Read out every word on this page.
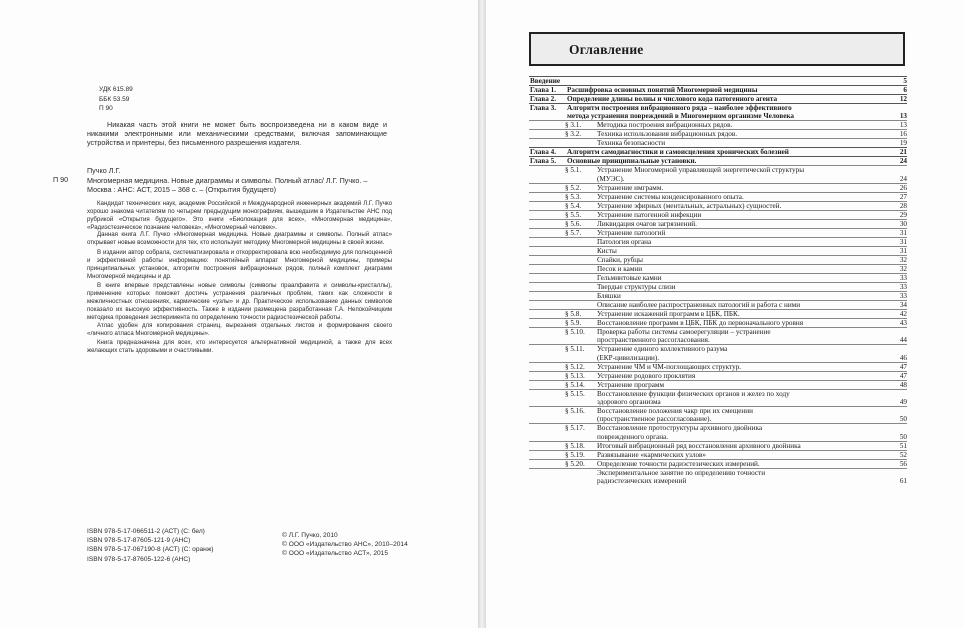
УДК 615.89
ББК 53.59
П 90
Никакая часть этой книги не может быть воспроизведена ни в каком виде и никакими электронными или механическими средствами, включая запоминающие устройства и принтеры, без письменного разрешения издателя.
Пучко Л.Г.
П 90	Многомерная медицина. Новые диаграммы и символы. Полный атлас/ Л.Г. Пучко. – Москва : АНС: АСТ, 2015 – 368 с. – (Открытия будущего)

Кандидат технических наук, академик Российской и Международной инженерных академий Л.Г. Пучко хорошо знакома читателям по четырем предыдущим монографиям, вышедшим в Издательстве АНС под рубрикой «Открытия будущего». Это книги «Биолокация для всех», «Многомерная медицина», «Радиэстезическое познание человека», «Многомерный человек».

Данная книга Л.Г. Пучко «Многомерная медицина. Новые диаграммы и символы. Полный атлас» открывает новые возможности для тех, кто использует методику Многомерной медицины в своей жизни.

В издании автор собрала, систематизировала и откорректировала всю необходимую для полноценной и эффективной работы информацию: понятийный аппарат Многомерной медицины, примеры принципиальных установок, алгоритм построения вибрационных рядов, полный комплект диаграмм Многомерной медицины и др.

В книге впервые представлены новые символы (символы праалфавита и символы-кристаллы), применение которых поможет достичь устранения различных проблем, таких как сложности в межличностных отношениях, кармические «узлы» и др. Практическое использование данных символов показало их высокую эффективность. Также в издании размещена разработанная Г.А. Непокойчицким методика проведения эксперимента по определению точности радиэстезической работы.

Атлас удобен для копирования страниц, вырезания отдельных листов и формирования своего «личного атласа Многомерной медицины».

Книга предназначена для всех, кто интересуется альтернативной медициной, а также для всех желающих стать здоровыми и счастливыми.

ISBN 978-5-17-066511-2 (АСТ) (С: бел)
ISBN 978-5-17-87605-121-9 (АНС)
ISBN 978-5-17-067190-8 (АСТ) (С: оранж)
ISBN 978-5-17-87605-122-6 (АНС)
© Л.Г. Пучко, 2010
© ООО «Издательство АНС», 2010–2014
© ООО «Издательство АСТ», 2015
Оглавление
Введение	5
Глава 1. Расшифровка основных понятий Многомерной медицины	6
Глава 2. Определение длины волны и числового кода патогенного агента	12
Глава 3. Алгоритм построения вибрационного ряда – наиболее эффективного
метода устранения повреждений в Многомерном организме Человека	13
§ 3.1. Методика построения вибрационных рядов.	13
§ 3.2. Техника использования вибрационных рядов.	16
Техника безопасности	19
Глава 4. Алгоритм самодиагностики и самоисцеления хронических болезней	21
Глава 5. Основные принципиальные установки.	24
§ 5.1. Устранение Многомерной управляющей энергетической структуры
(МУЭС).	24
§ 5.2. Устранение имграмм.	26
§ 5.3. Устранение системы конденсированного опыта.	27
§ 5.4. Устранение эфирных (ментальных, астральных) сущностей.	28
§ 5.5. Устранение патогенной инфекции	29
§ 5.6. Ликвидация очагов загрязнений.	30
§ 5.7. Устранение патологий	31
Патология органа	31
Кисты	31
Спайки, рубцы	32
Песок и камни	32
Гельминтовые камни	33
Твердые структуры слизи	33
Бляшки	33
Описание наиболее распространенных патологий и работа с ними	34
§ 5.8. Устранение искажений программ в ЦБК, ПБК.	42
§ 5.9. Восстановление программ в ЦБК, ПБК до первоначального уровня	43
§ 5.10. Проверка работы системы самоерегуляции – устранение
пространственного рассогласования.	44
§ 5.11. Устранение единого коллективного разума
(ЕКР-цивилизации).	46
§ 5.12. Устранение ЧМ и ЧМ-поглощающих структур.	47
§ 5.13. Устранение родового проклятия	47
§ 5.14. Устранение программ	48
§ 5.15. Восстановление функции физических органов и желез по ходу
здорового организма	49
§ 5.16. Восстановление положения чакр при их смещении
(пространственное рассогласование).	50
§ 5.17. Восстановление протоструктуры архивного двойника
поврежденного органа.	50
§ 5.18. Итоговый вибрационный ряд восстановления архивного двойника	51
§ 5.19. Развязывание «кармических узлов»	52
§ 5.20. Определение точности радиэстезических измерений.	56
Экспериментальное занятие по определению точности
радиэстезических измерений	61
